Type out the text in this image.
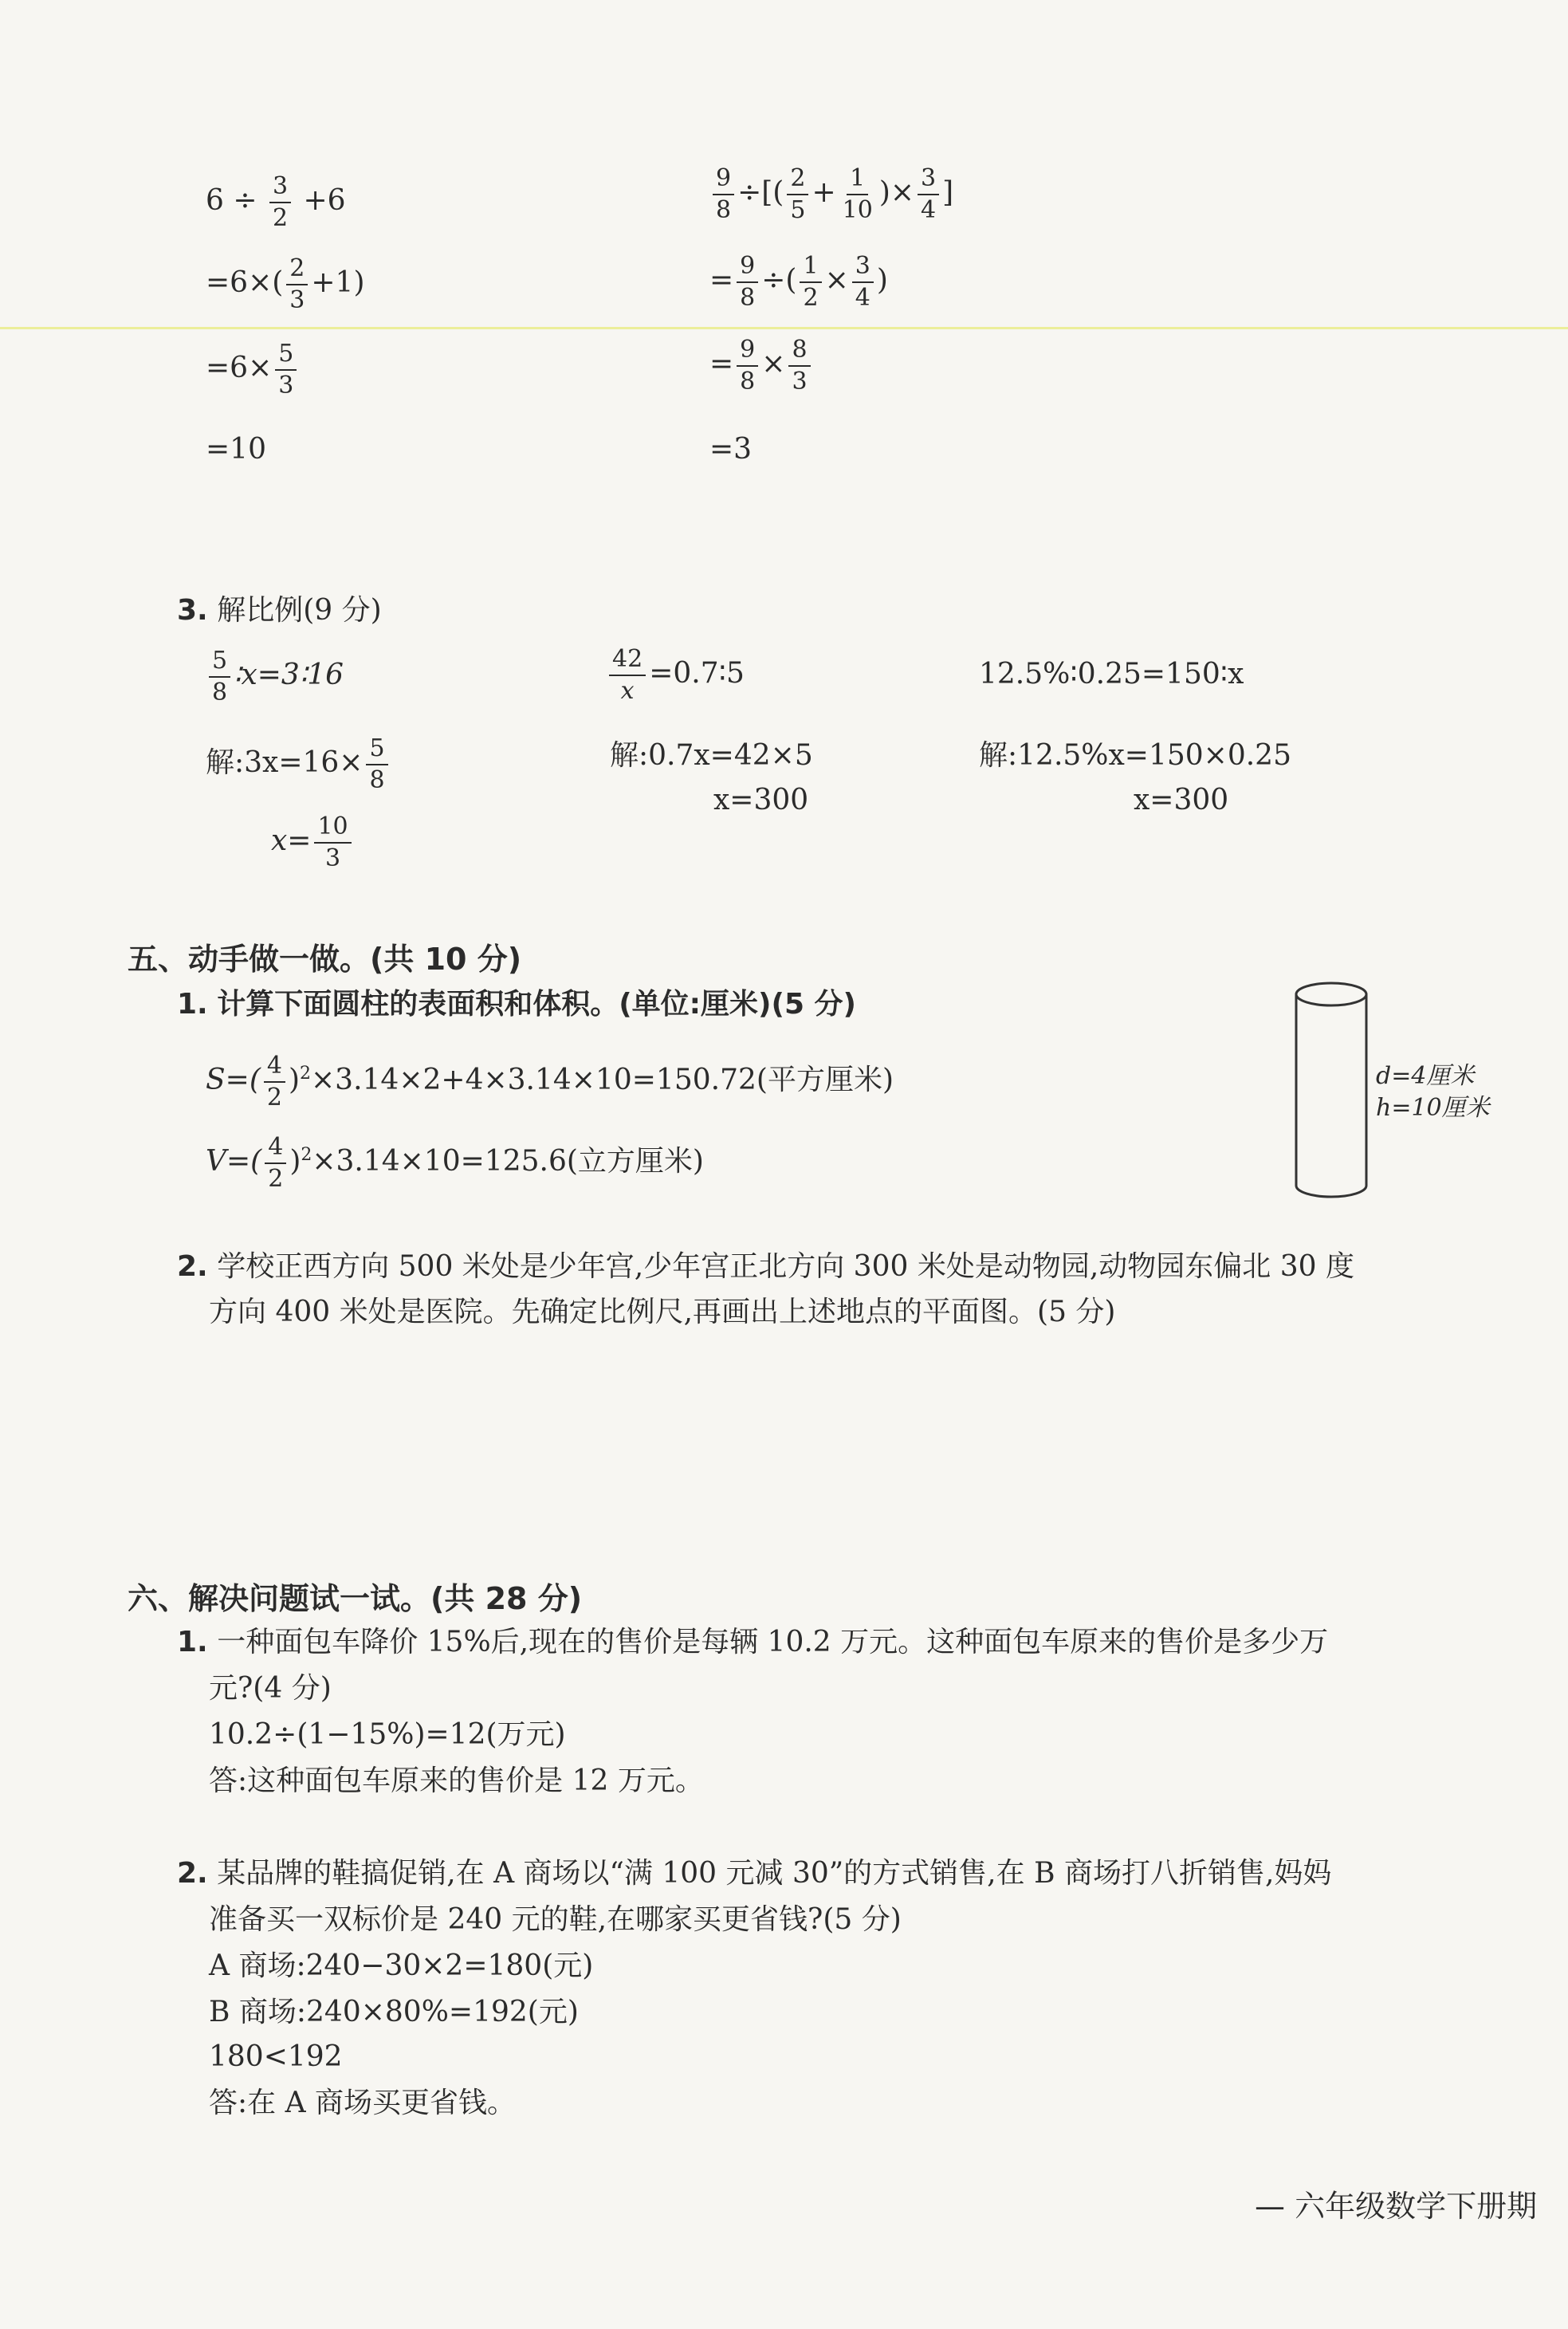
$6 \div \frac{3}{2} +6$
$=6\times( \frac{2}{3} +1)$
$=6\times \frac{5}{3}$
=10
$\frac{9}{8}$ ÷[( $\frac{2}{5} + \frac{1}{10}$ )× $\frac{3}{4}$ ]
= $\frac{9}{8}$ ÷( $\frac{1}{2} \times \frac{3}{4}$ )
= $\frac{9}{8} \times \frac{8}{3}$
=3
3. 解比例(9 分)
$\frac{5}{8}$ ∶x=3∶16
解:3x=16× $\frac{5}{8}$
$x= \frac{10}{3}$
$\frac{42}{x}$ =0.7∶5
解:0.7x=42×5
x=300
12.5%∶0.25=150∶x
解:12.5%x=150×0.25
x=300
五、动手做一做。(共 10 分)
1. 计算下面圆柱的表面积和体积。(单位:厘米)(5 分)
$S=( \frac{4}{2} )^2\times 3.14\times 2+4\times 3.14\times 10=150.72$(平方厘米)
$V=( \frac{4}{2} )^2\times 3.14\times 10=125.6$(立方厘米)
d=4厘米
h=10厘米
2. 学校正西方向 500 米处是少年宫,少年宫正北方向 300 米处是动物园,动物园东偏北 30 度
方向 400 米处是医院。先确定比例尺,再画出上述地点的平面图。(5 分)
六、解决问题试一试。(共 28 分)
1. 一种面包车降价 15%后,现在的售价是每辆 10.2 万元。这种面包车原来的售价是多少万
元?(4 分)
10.2÷(1−15%)=12(万元)
答:这种面包车原来的售价是 12 万元。
2. 某品牌的鞋搞促销,在 A 商场以“满 100 元减 30”的方式销售,在 B 商场打八折销售,妈妈
准备买一双标价是 240 元的鞋,在哪家买更省钱?(5 分)
A 商场:240−30×2=180(元)
B 商场:240×80%=192(元)
180<192
答:在 A 商场买更省钱。
— 六年级数学下册期
